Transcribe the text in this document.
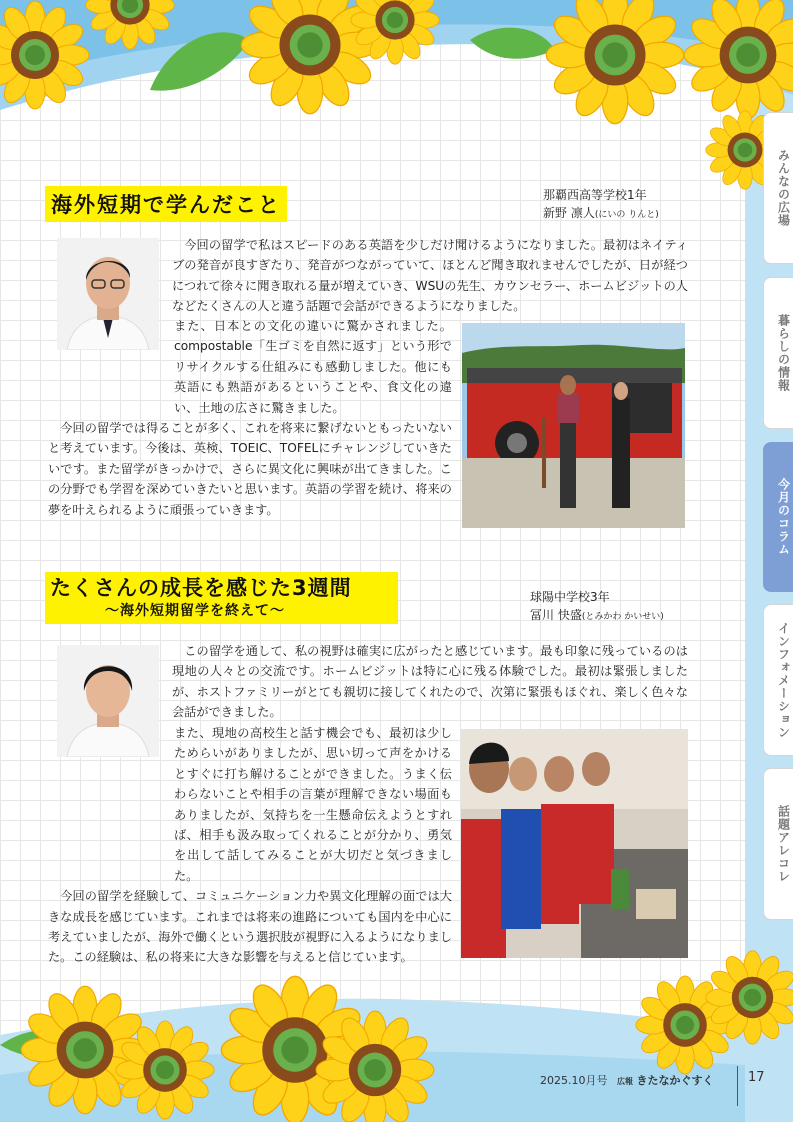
みんなの広場
暮らしの情報
今月のコラム
インフォメーション
話題アレコレ
海外短期で学んだこと	那覇西高等学校1年
新野 凛人(にいの りんと)

今回の留学で私はスピードのある英語を少しだけ聞けるようになりました。最初はネイティブの発音が良すぎたり、発音がつながっていて、ほとんど聞き取れませんでしたが、日が経つにつれて徐々に聞き取れる量が増えていき、WSUの先生、カウンセラー、ホームビジットの人などたくさんの人と違う話題で会話ができるようになりました。

また、日本との文化の違いに驚かされました。compostable「生ゴミを自然に返す」という形でリサイクルする仕組みにも感動しました。他にも英語にも熟語があるということや、食文化の違い、土地の広さに驚きました。

今回の留学では得ることが多く、これを将来に繋げないともったいないと考えています。今後は、英検、TOEIC、TOFELにチャレンジしていきたいです。また留学がきっかけで、さらに異文化に興味が出てきました。この分野でも学習を深めていきたいと思います。英語の学習を続け、将来の夢を叶えられるように頑張っていきます。

たくさんの成長を感じた3週間
～海外短期留学を終えて～
球陽中学校3年
冨川 快盛(とみかわ かいせい)

この留学を通して、私の視野は確実に広がったと感じています。最も印象に残っているのは現地の人々との交流です。ホームビジットは特に心に残る体験でした。最初は緊張しましたが、ホストファミリーがとても親切に接してくれたので、次第に緊張もほぐれ、楽しく色々な会話ができました。

また、現地の高校生と話す機会でも、最初は少しためらいがありましたが、思い切って声をかけるとすぐに打ち解けることができました。うまく伝わらないことや相手の言葉が理解できない場面もありましたが、気持ちを一生懸命伝えようとすれば、相手も汲み取ってくれることが分かり、勇気を出して話してみることが大切だと気づきました。

今回の留学を経験して、コミュニケーション力や異文化理解の面では大きな成長を感じています。これまでは将来の進路についても国内を中心に考えていましたが、海外で働くという選択肢が視野に入るようになりました。この経験は、私の将来に大きな影響を与えると信じています。

2025.10月号 広報 きたなかぐすく	17
